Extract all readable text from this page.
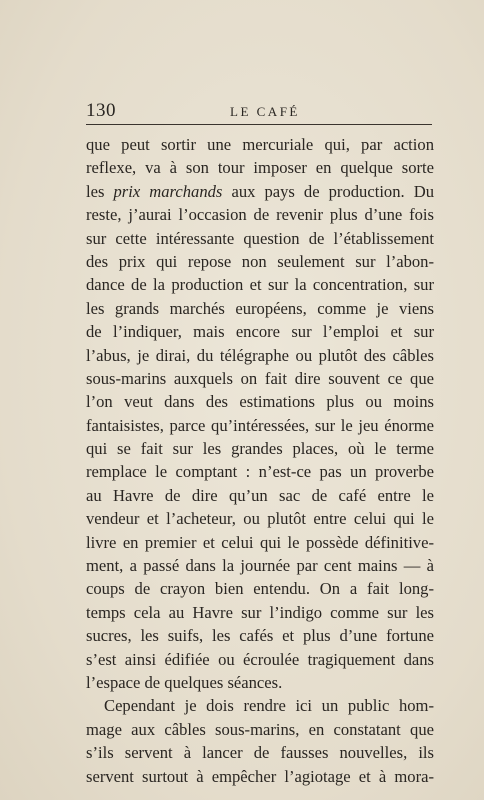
130	LE CAFÉ
que peut sortir une mercuriale qui, par action
reflexe, va à son tour imposer en quelque sorte
les prix marchands aux pays de production. Du
reste, j’aurai l’occasion de revenir plus d’une fois
sur cette intéressante question de l’établissement
des prix qui repose non seulement sur l’abon-
dance de la production et sur la concentration, sur
les grands marchés européens, comme je viens
de l’indiquer, mais encore sur l’emploi et sur
l’abus, je dirai, du télégraphe ou plutôt des câbles
sous-marins auxquels on fait dire souvent ce que
l’on veut dans des estimations plus ou moins
fantaisistes, parce qu’intéressées, sur le jeu énorme
qui se fait sur les grandes places, où le terme
remplace le comptant : n’est-ce pas un proverbe
au Havre de dire qu’un sac de café entre le
vendeur et l’acheteur, ou plutôt entre celui qui le
livre en premier et celui qui le possède définitive-
ment, a passé dans la journée par cent mains — à
coups de crayon bien entendu. On a fait long-
temps cela au Havre sur l’indigo comme sur les
sucres, les suifs, les cafés et plus d’une fortune
s’est ainsi édifiée ou écroulée tragiquement dans
l’espace de quelques séances.
Cependant je dois rendre ici un public hom-
mage aux câbles sous-marins, en constatant que
s’ils servent à lancer de fausses nouvelles, ils
servent surtout à empêcher l’agiotage et à mora-
